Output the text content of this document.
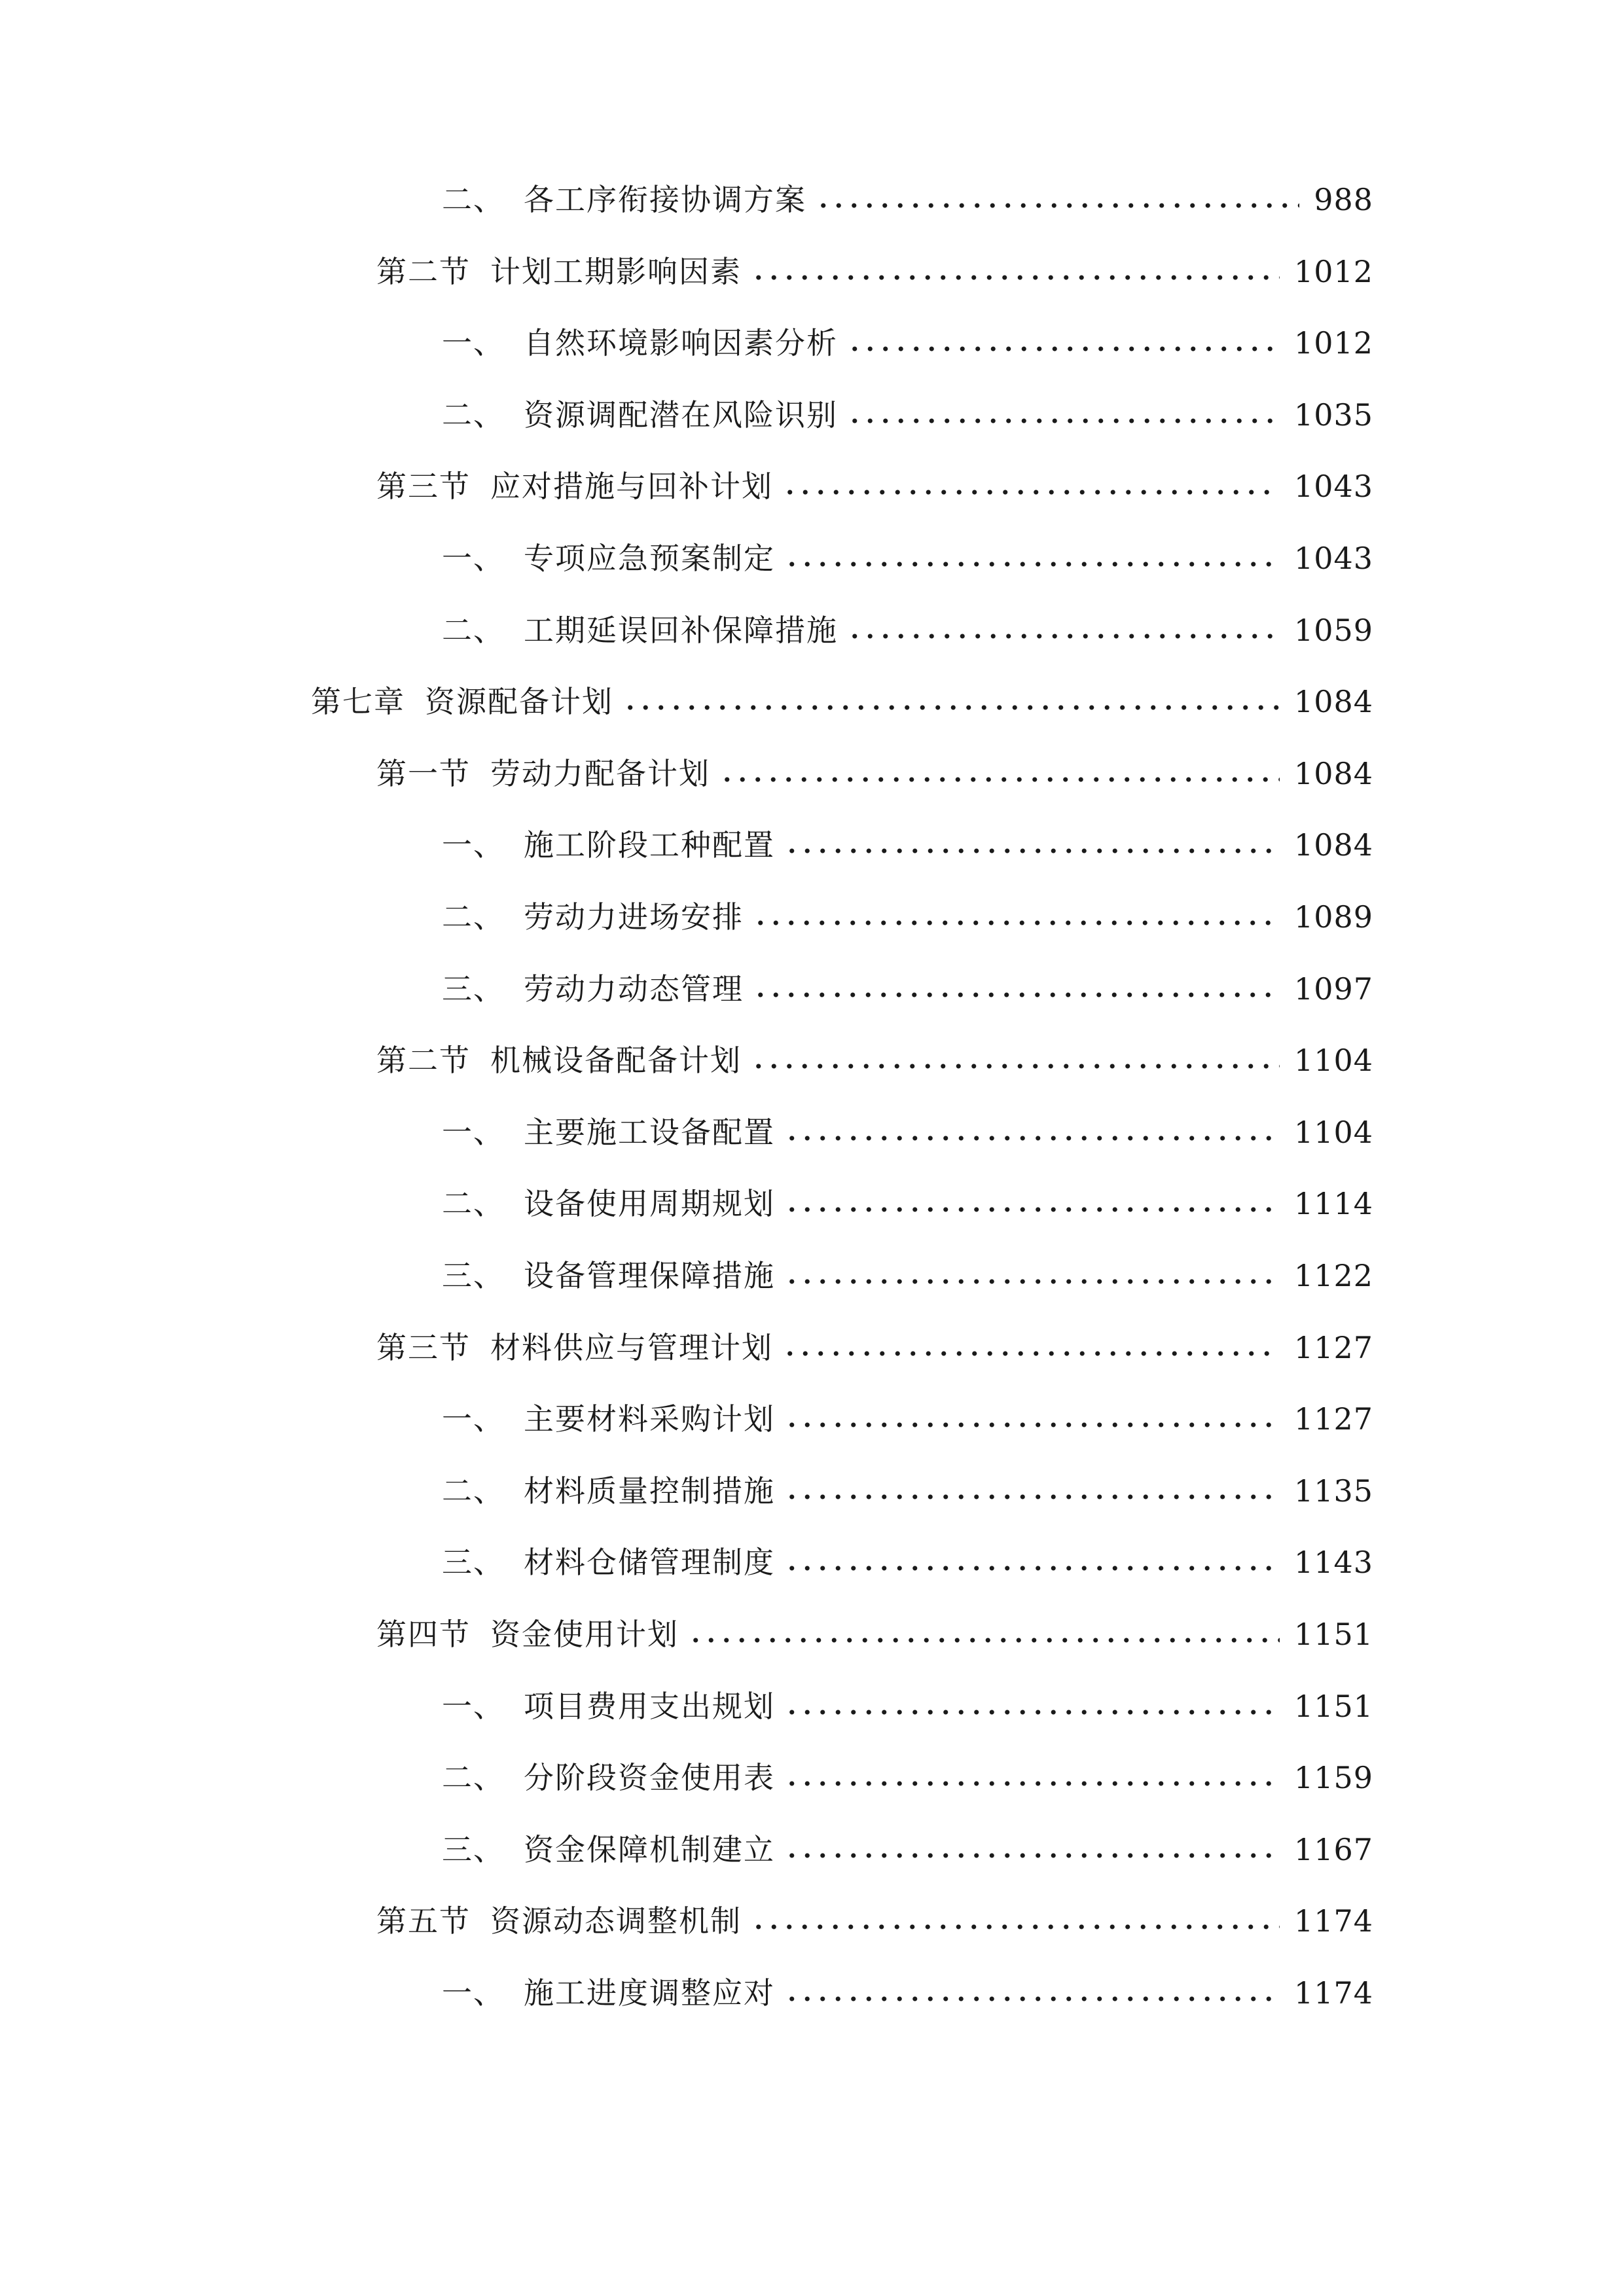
二、 各工序衔接协调方案	988
第二节 计划工期影响因素	1012
一、 自然环境影响因素分析	1012
二、 资源调配潜在风险识别	1035
第三节 应对措施与回补计划	1043
一、 专项应急预案制定	1043
二、 工期延误回补保障措施	1059
第七章 资源配备计划	1084
第一节 劳动力配备计划	1084
一、 施工阶段工种配置	1084
二、 劳动力进场安排	1089
三、 劳动力动态管理	1097
第二节 机械设备配备计划	1104
一、 主要施工设备配置	1104
二、 设备使用周期规划	1114
三、 设备管理保障措施	1122
第三节 材料供应与管理计划	1127
一、 主要材料采购计划	1127
二、 材料质量控制措施	1135
三、 材料仓储管理制度	1143
第四节 资金使用计划	1151
一、 项目费用支出规划	1151
二、 分阶段资金使用表	1159
三、 资金保障机制建立	1167
第五节 资源动态调整机制	1174
一、 施工进度调整应对	1174
